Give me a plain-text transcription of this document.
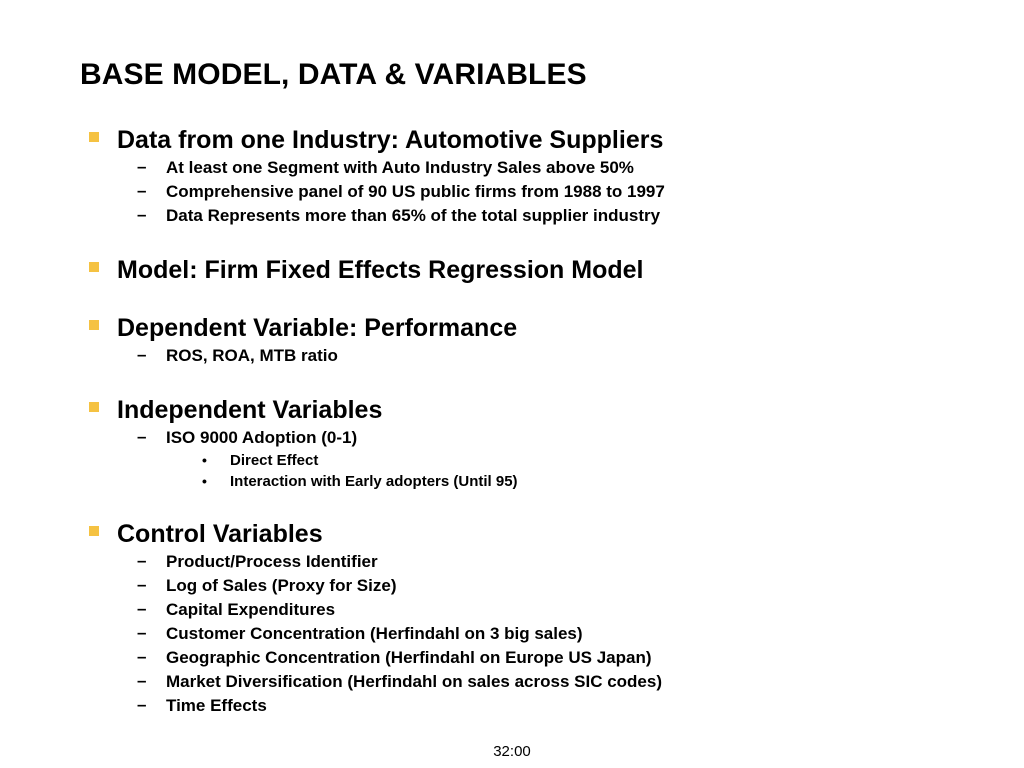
BASE MODEL, DATA & VARIABLES
Data from one Industry: Automotive Suppliers
– At least one Segment with Auto Industry Sales above 50%
– Comprehensive panel of 90 US public firms from 1988 to 1997
– Data Represents more than 65% of the total supplier industry
Model: Firm Fixed Effects Regression Model
Dependent Variable: Performance
– ROS, ROA, MTB ratio
Independent Variables
– ISO 9000 Adoption (0-1)
• Direct Effect
• Interaction with Early adopters (Until 95)
Control Variables
– Product/Process Identifier
– Log of Sales (Proxy for Size)
– Capital Expenditures
– Customer Concentration (Herfindahl on 3 big sales)
– Geographic Concentration (Herfindahl on Europe US Japan)
– Market Diversification (Herfindahl on sales across SIC codes)
– Time Effects
32:00
